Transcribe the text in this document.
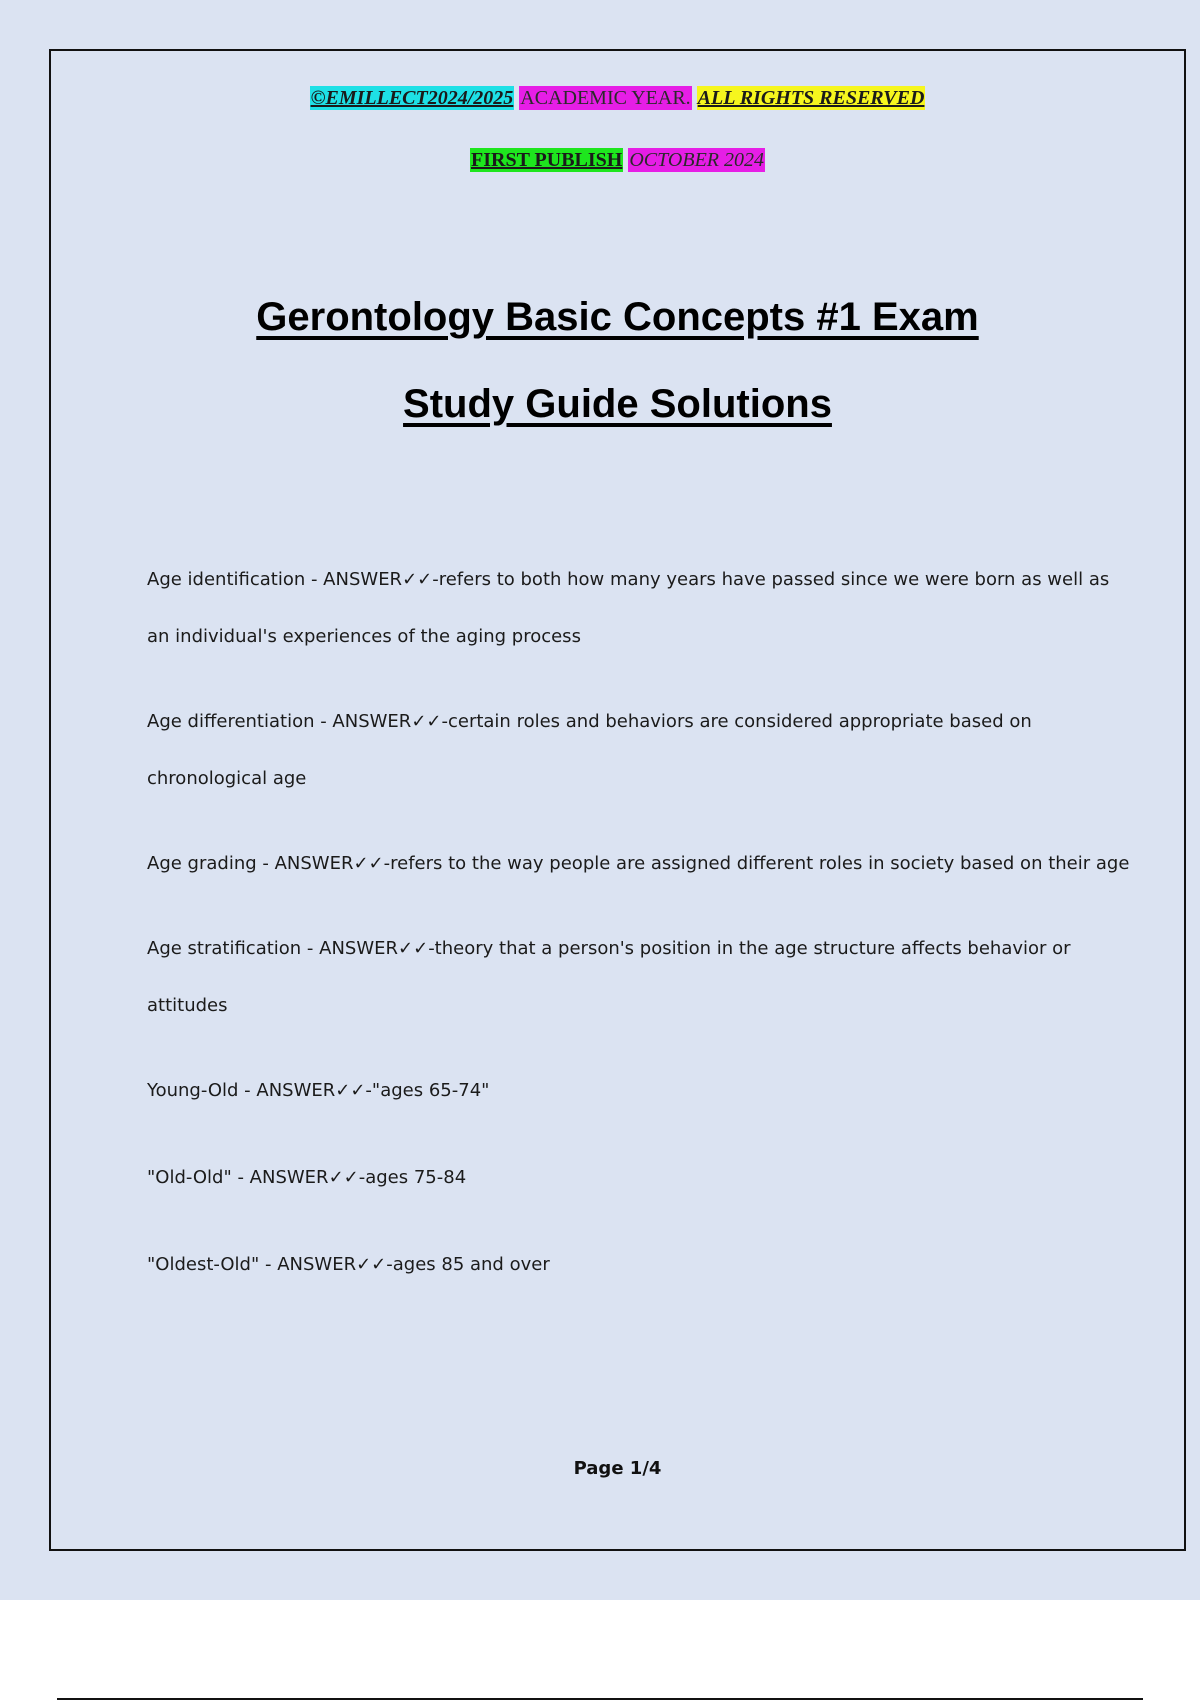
©EMILLECT2024/2025 ACADEMIC YEAR. ALL RIGHTS RESERVED
FIRST PUBLISH OCTOBER 2024
Gerontology Basic Concepts #1 Exam
Study Guide Solutions

Age identification - ANSWER✓✓-refers to both how many years have passed since we were born as well as an individual's experiences of the aging process

Age differentiation - ANSWER✓✓-certain roles and behaviors are considered appropriate based on chronological age

Age grading - ANSWER✓✓-refers to the way people are assigned different roles in society based on their age

Age stratification - ANSWER✓✓-theory that a person's position in the age structure affects behavior or attitudes

Young-Old - ANSWER✓✓-"ages 65-74"

"Old-Old" - ANSWER✓✓-ages 75-84

"Oldest-Old" - ANSWER✓✓-ages 85 and over

Page 1/4
